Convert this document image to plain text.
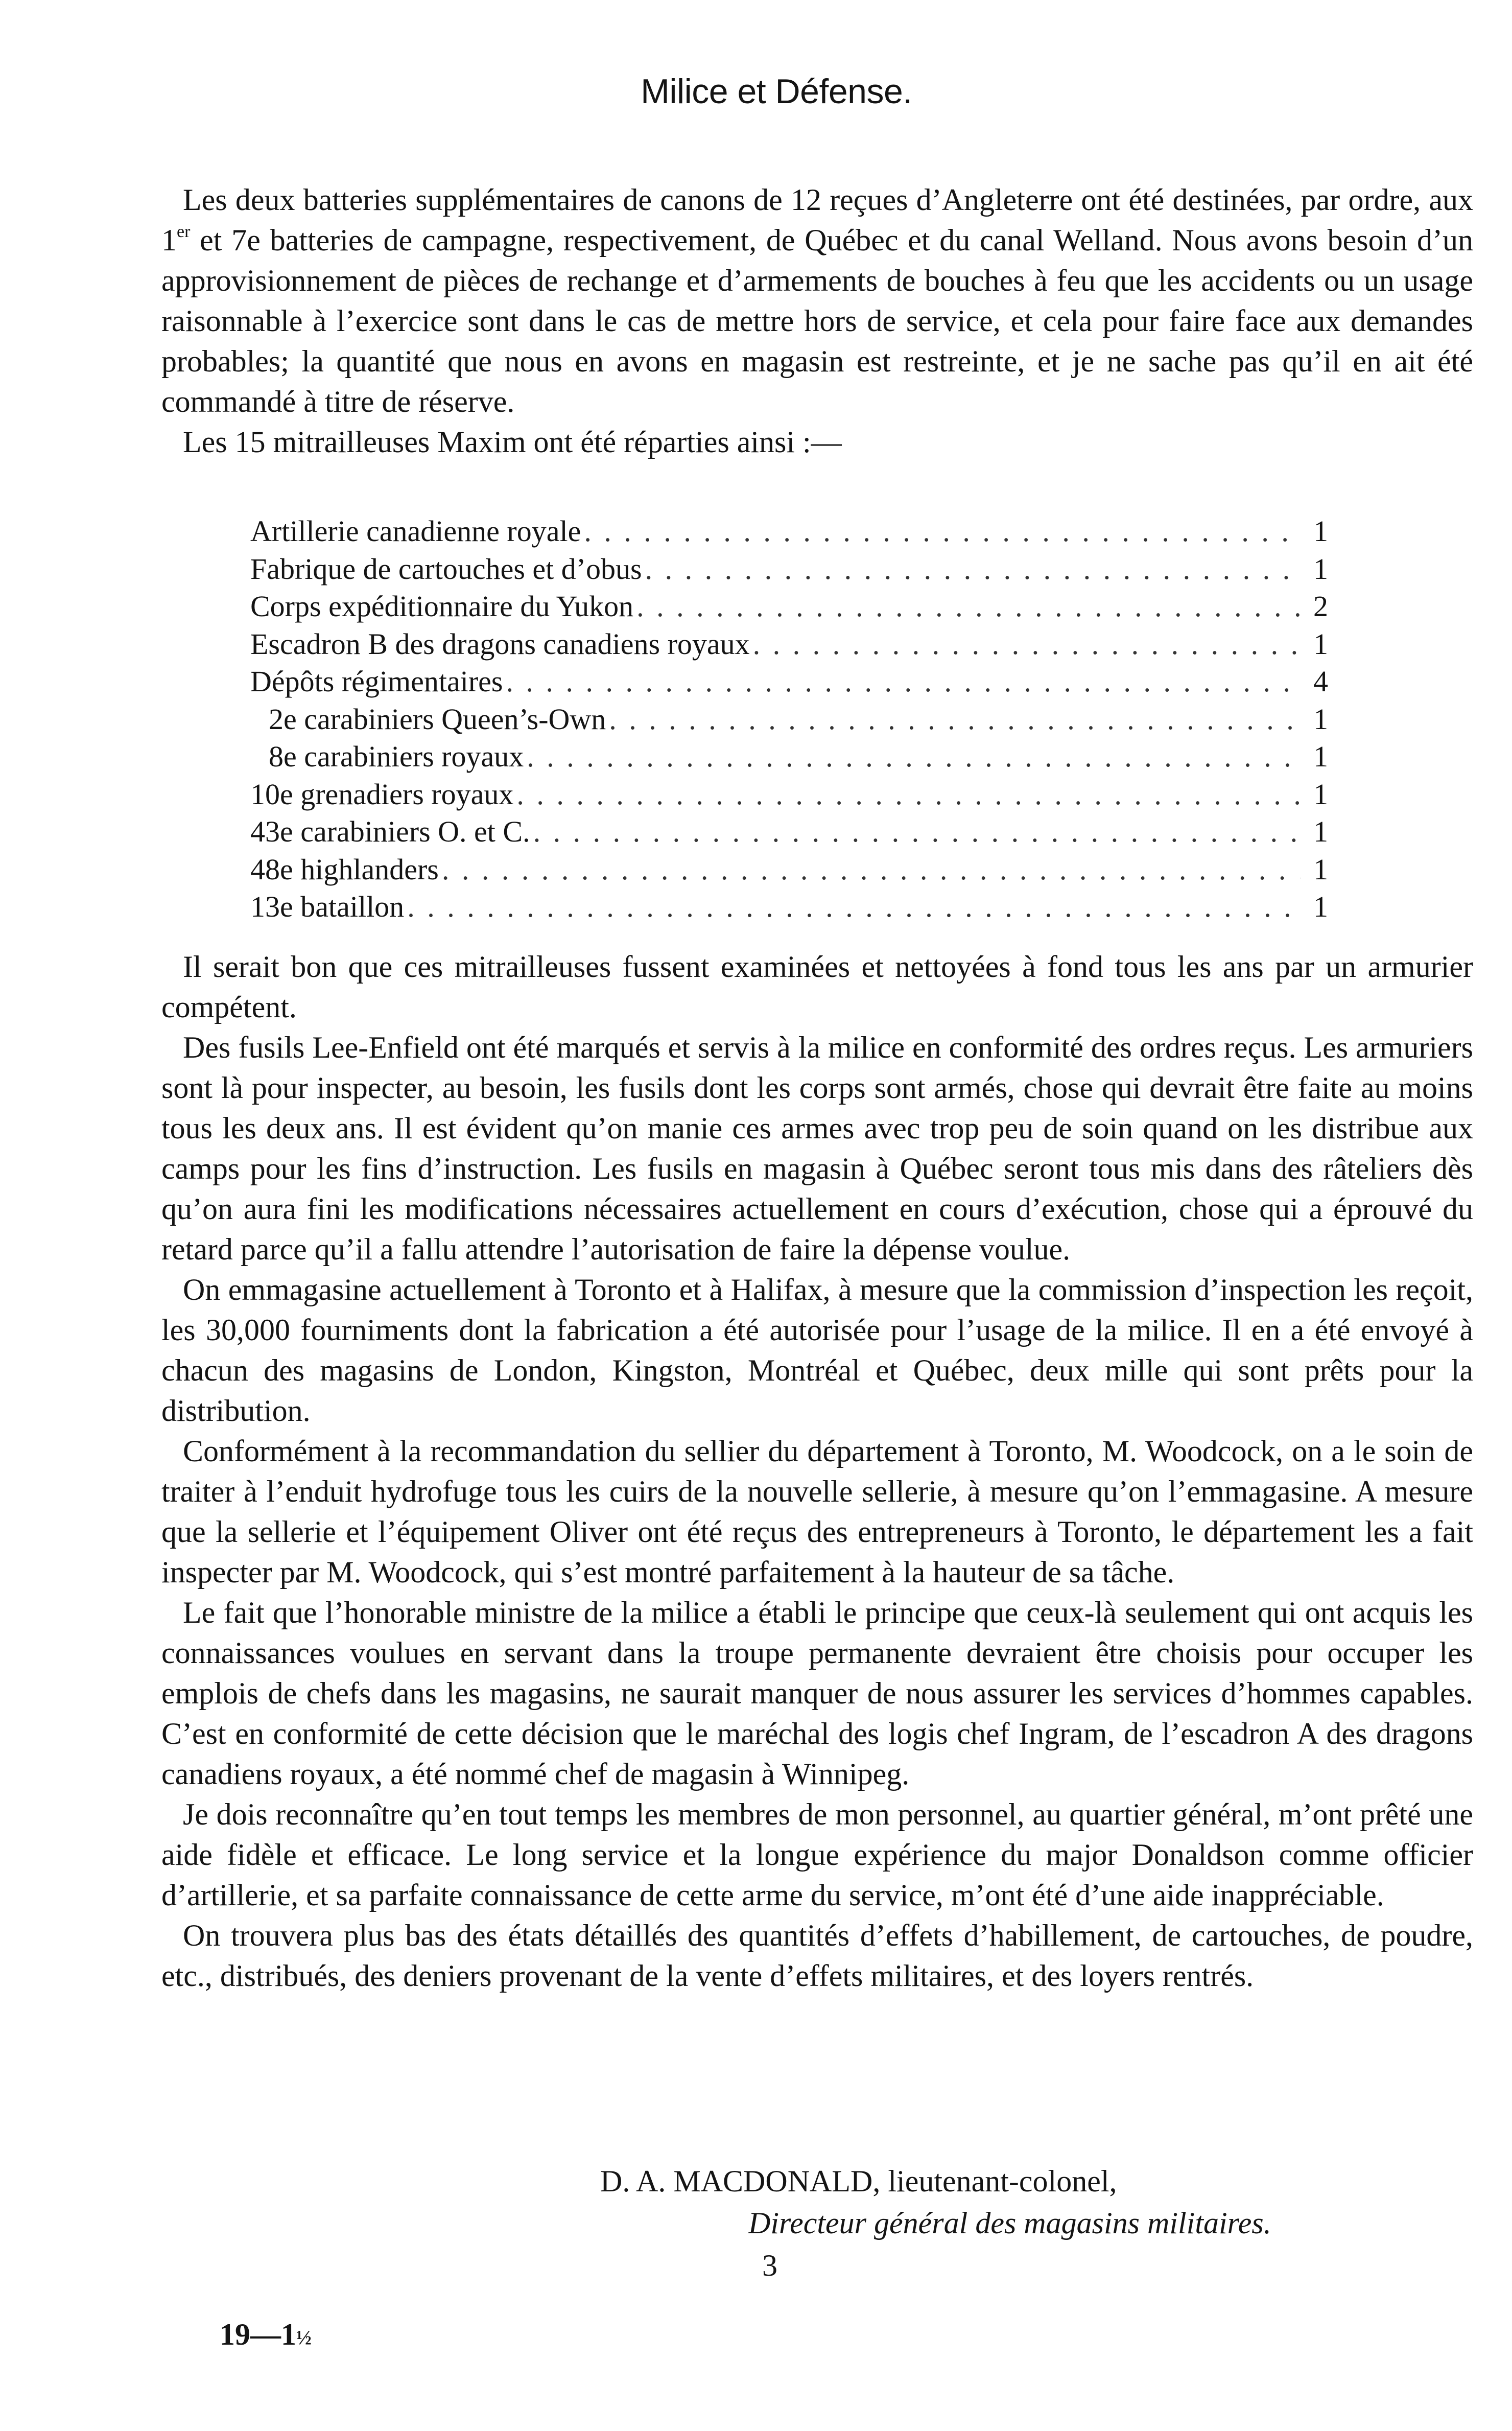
Milice et Défense.

Les deux batteries supplémentaires de canons de 12 reçues d’Angleterre ont été destinées, par ordre, aux 1er et 7e batteries de campagne, respectivement, de Québec et du canal Welland. Nous avons besoin d’un approvisionnement de pièces de rechange et d’armements de bouches à feu que les accidents ou un usage raisonnable à l’exercice sont dans le cas de mettre hors de service, et cela pour faire face aux demandes probables; la quantité que nous en avons en magasin est restreinte, et je ne sache pas qu’il en ait été commandé à titre de réserve.

Les 15 mitrailleuses Maxim ont été réparties ainsi :—

Artillerie canadienne royale . . .	1
Fabrique de cartouches et d’obus . . .	1
Corps expéditionnaire du Yukon . . .	2
Escadron B des dragons canadiens royaux . . .	1
Dépôts régimentaires . . .	4
2e carabiniers Queen’s-Own . . .	1
8e carabiniers royaux . . .	1
10e grenadiers royaux . . .	1
43e carabiniers O. et C. . . .	1
48e highlanders . . .	1
13e bataillon . . .	1

Il serait bon que ces mitrailleuses fussent examinées et nettoyées à fond tous les ans par un armurier compétent.

Des fusils Lee-Enfield ont été marqués et servis à la milice en conformité des ordres reçus. Les armuriers sont là pour inspecter, au besoin, les fusils dont les corps sont armés, chose qui devrait être faite au moins tous les deux ans. Il est évident qu’on manie ces armes avec trop peu de soin quand on les distribue aux camps pour les fins d’instruction. Les fusils en magasin à Québec seront tous mis dans des râteliers dès qu’on aura fini les modifications nécessaires actuellement en cours d’exécution, chose qui a éprouvé du retard parce qu’il a fallu attendre l’autorisation de faire la dépense voulue.

On emmagasine actuellement à Toronto et à Halifax, à mesure que la commission d’inspection les reçoit, les 30,000 fourniments dont la fabrication a été autorisée pour l’usage de la milice. Il en a été envoyé à chacun des magasins de London, Kingston, Montréal et Québec, deux mille qui sont prêts pour la distribution.

Conformément à la recommandation du sellier du département à Toronto, M. Woodcock, on a le soin de traiter à l’enduit hydrofuge tous les cuirs de la nouvelle sellerie, à mesure qu’on l’emmagasine. A mesure que la sellerie et l’équipement Oliver ont été reçus des entrepreneurs à Toronto, le département les a fait inspecter par M. Woodcock, qui s’est montré parfaitement à la hauteur de sa tâche.

Le fait que l’honorable ministre de la milice a établi le principe que ceux-là seulement qui ont acquis les connaissances voulues en servant dans la troupe permanente devraient être choisis pour occuper les emplois de chefs dans les magasins, ne saurait manquer de nous assurer les services d’hommes capables. C’est en conformité de cette décision que le maréchal des logis chef Ingram, de l’escadron A des dragons canadiens royaux, a été nommé chef de magasin à Winnipeg.

Je dois reconnaître qu’en tout temps les membres de mon personnel, au quartier général, m’ont prêté une aide fidèle et efficace. Le long service et la longue expérience du major Donaldson comme officier d’artillerie, et sa parfaite connaissance de cette arme du service, m’ont été d’une aide inappréciable.

On trouvera plus bas des états détaillés des quantités d’effets d’habillement, de cartouches, de poudre, etc., distribués, des deniers provenant de la vente d’effets militaires, et des loyers rentrés.

D. A. MACDONALD, lieutenant-colonel,
Directeur général des magasins militaires.
3
19—1½
